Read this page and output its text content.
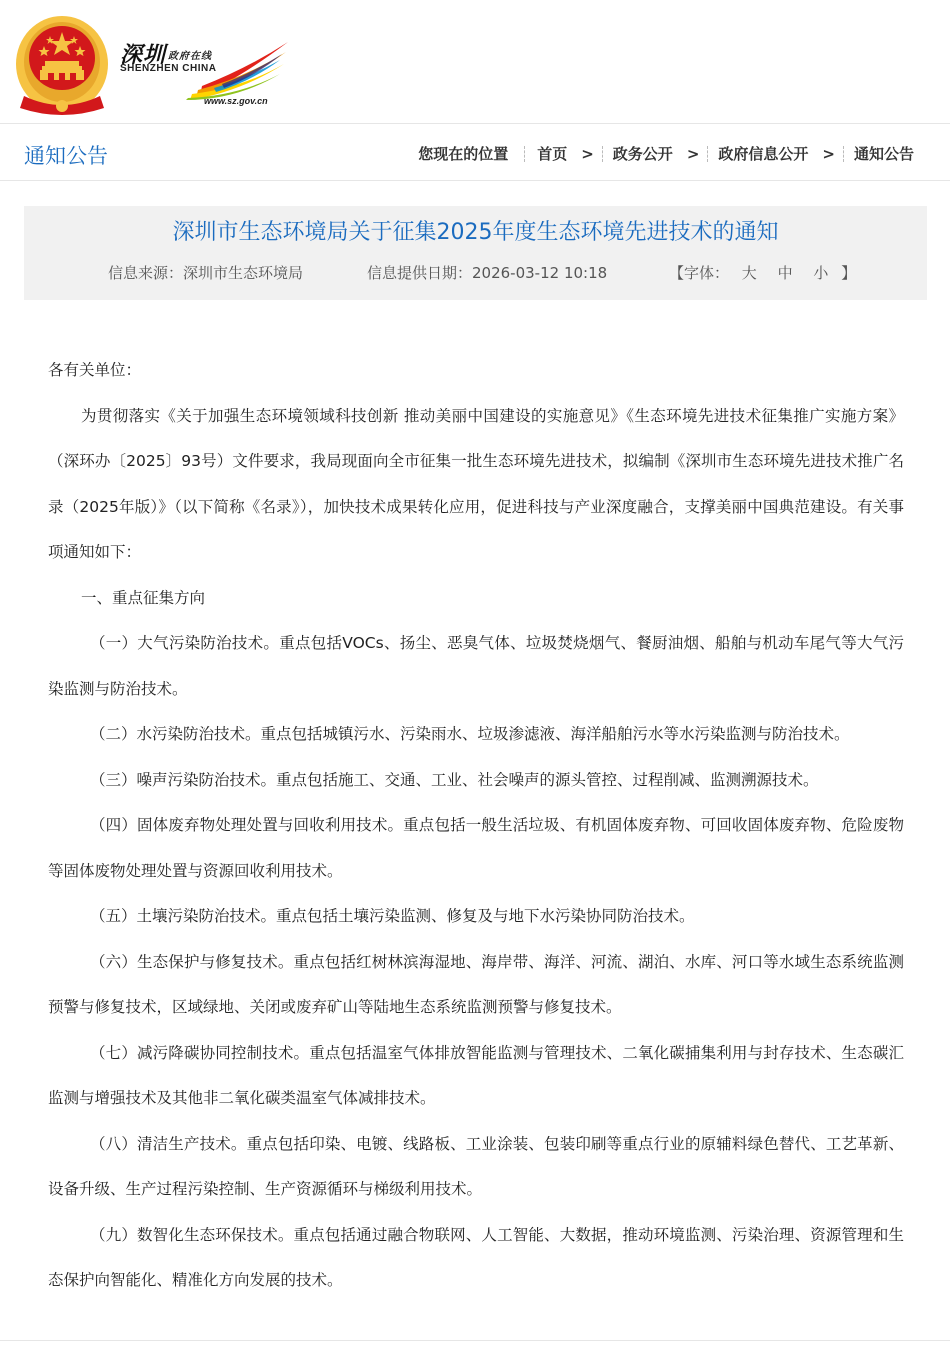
深圳 政府在线
SHENZHEN CHINA
www.sz.gov.cn
通知公告	您现在的位置 首页 > 政务公开 > 政府信息公开 > 通知公告
深圳市生态环境局关于征集2025年度生态环境先进技术的通知
信息来源：深圳市生态环境局	信息提供日期：2026-03-12 10:18	【字体： 大 中 小 】

各有关单位：

为贯彻落实《关于加强生态环境领域科技创新 推动美丽中国建设的实施意见》《生态环境先进技术征集推广实施方案》（深环办〔2025〕93号）文件要求，我局现面向全市征集一批生态环境先进技术，拟编制《深圳市生态环境先进技术推广名录（2025年版）》（以下简称《名录》），加快技术成果转化应用，促进科技与产业深度融合，支撑美丽中国典范建设。有关事项通知如下：

一、重点征集方向

（一）大气污染防治技术。重点包括VOCs、扬尘、恶臭气体、垃圾焚烧烟气、餐厨油烟、船舶与机动车尾气等大气污染监测与防治技术。

（二）水污染防治技术。重点包括城镇污水、污染雨水、垃圾渗滤液、海洋船舶污水等水污染监测与防治技术。

（三）噪声污染防治技术。重点包括施工、交通、工业、社会噪声的源头管控、过程削减、监测溯源技术。

（四）固体废弃物处理处置与回收利用技术。重点包括一般生活垃圾、有机固体废弃物、可回收固体废弃物、危险废物等固体废物处理处置与资源回收利用技术。

（五）土壤污染防治技术。重点包括土壤污染监测、修复及与地下水污染协同防治技术。

（六）生态保护与修复技术。重点包括红树林滨海湿地、海岸带、海洋、河流、湖泊、水库、河口等水域生态系统监测预警与修复技术，区域绿地、关闭或废弃矿山等陆地生态系统监测预警与修复技术。

（七）减污降碳协同控制技术。重点包括温室气体排放智能监测与管理技术、二氧化碳捕集利用与封存技术、生态碳汇监测与增强技术及其他非二氧化碳类温室气体减排技术。

（八）清洁生产技术。重点包括印染、电镀、线路板、工业涂装、包装印刷等重点行业的原辅料绿色替代、工艺革新、设备升级、生产过程污染控制、生产资源循环与梯级利用技术。

（九）数智化生态环保技术。重点包括通过融合物联网、人工智能、大数据，推动环境监测、污染治理、资源管理和生态保护向智能化、精准化方向发展的技术。
